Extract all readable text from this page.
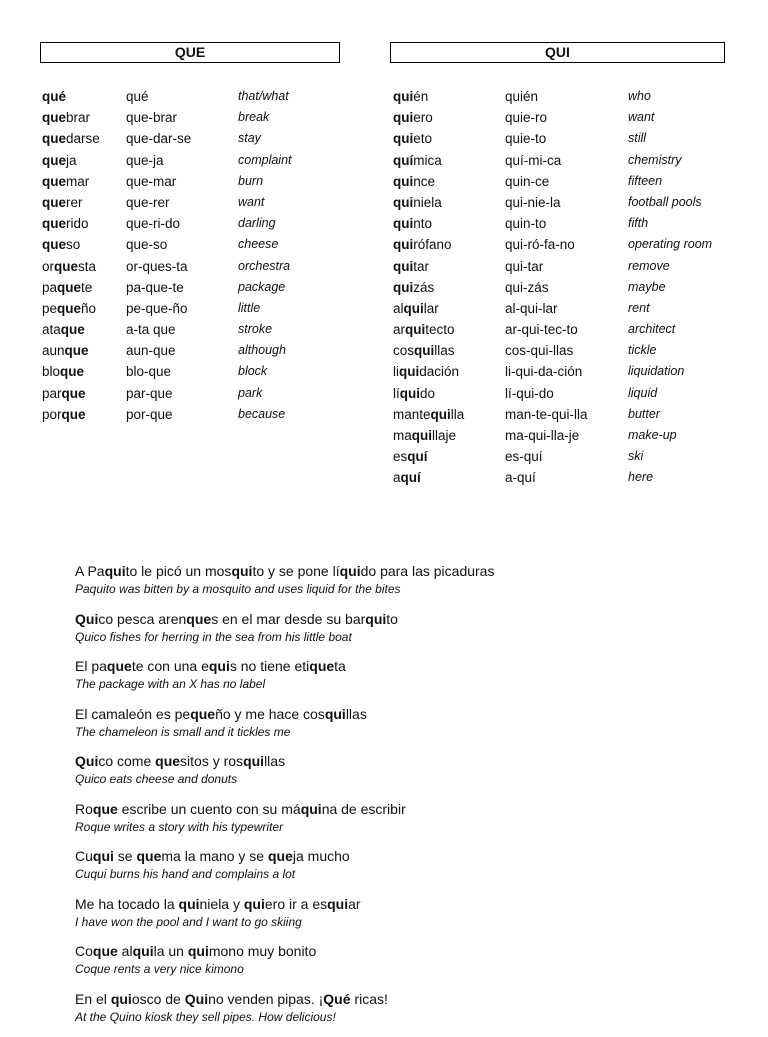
QUE	QUI
qué
quebrar
quedarse
queja
quemar
querer
querido
queso
orquesta
paquete
pequeño
ataque
aunque
bloque
parque
porque
qué
que-brar
que-dar-se
que-ja
que-mar
que-rer
que-ri-do
que-so
or-ques-ta
pa-que-te
pe-que-ño
a-ta que
aun-que
blo-que
par-que
por-que
that/what
break
stay
complaint
burn
want
darling
cheese
orchestra
package
little
stroke
although
block
park
because
quién
quiero
quieto
química
quince
quiniela
quinto
quirófano
quitar
quizás
alquilar
arquitecto
cosquillas
liquidación
líquido
mantequilla
maquillaje
esquí
aquí
quién
quie-ro
quie-to
quí-mi-ca
quin-ce
qui-nie-la
quin-to
qui-ró-fa-no
qui-tar
qui-zás
al-qui-lar
ar-qui-tec-to
cos-qui-llas
li-qui-da-ción
lí-qui-do
man-te-qui-lla
ma-qui-lla-je
es-quí
a-quí
who
want
still
chemistry
fifteen
football pools
fifth
operating room
remove
maybe
rent
architect
tickle
liquidation
liquid
butter
make-up
ski
here
A Paquito le picó un mosquito y se pone líquido para las picaduras
Paquito was bitten by a mosquito and uses liquid for the bites
Quico pesca arenques en el mar desde su barquito
Quico fishes for herring in the sea from his little boat
El paquete con una equis no tiene etiqueta
The package with an X has no label
El camaleón es pequeño y me hace cosquillas
The chameleon is small and it tickles me
Quico come quesitos y rosquillas
Quico eats cheese and donuts
Roque escribe un cuento con su máquina de escribir
Roque writes a story with his typewriter
Cuqui se quema la mano y se queja mucho
Cuqui burns his hand and complains a lot
Me ha tocado la quiniela y quiero ir a esquiar
I have won the pool and I want to go skiing
Coque alquila un quimono muy bonito
Coque rents a very nice kimono
En el quiosco de Quino venden pipas. ¡Qué ricas!
At the Quino kiosk they sell pipes. How delicious!
